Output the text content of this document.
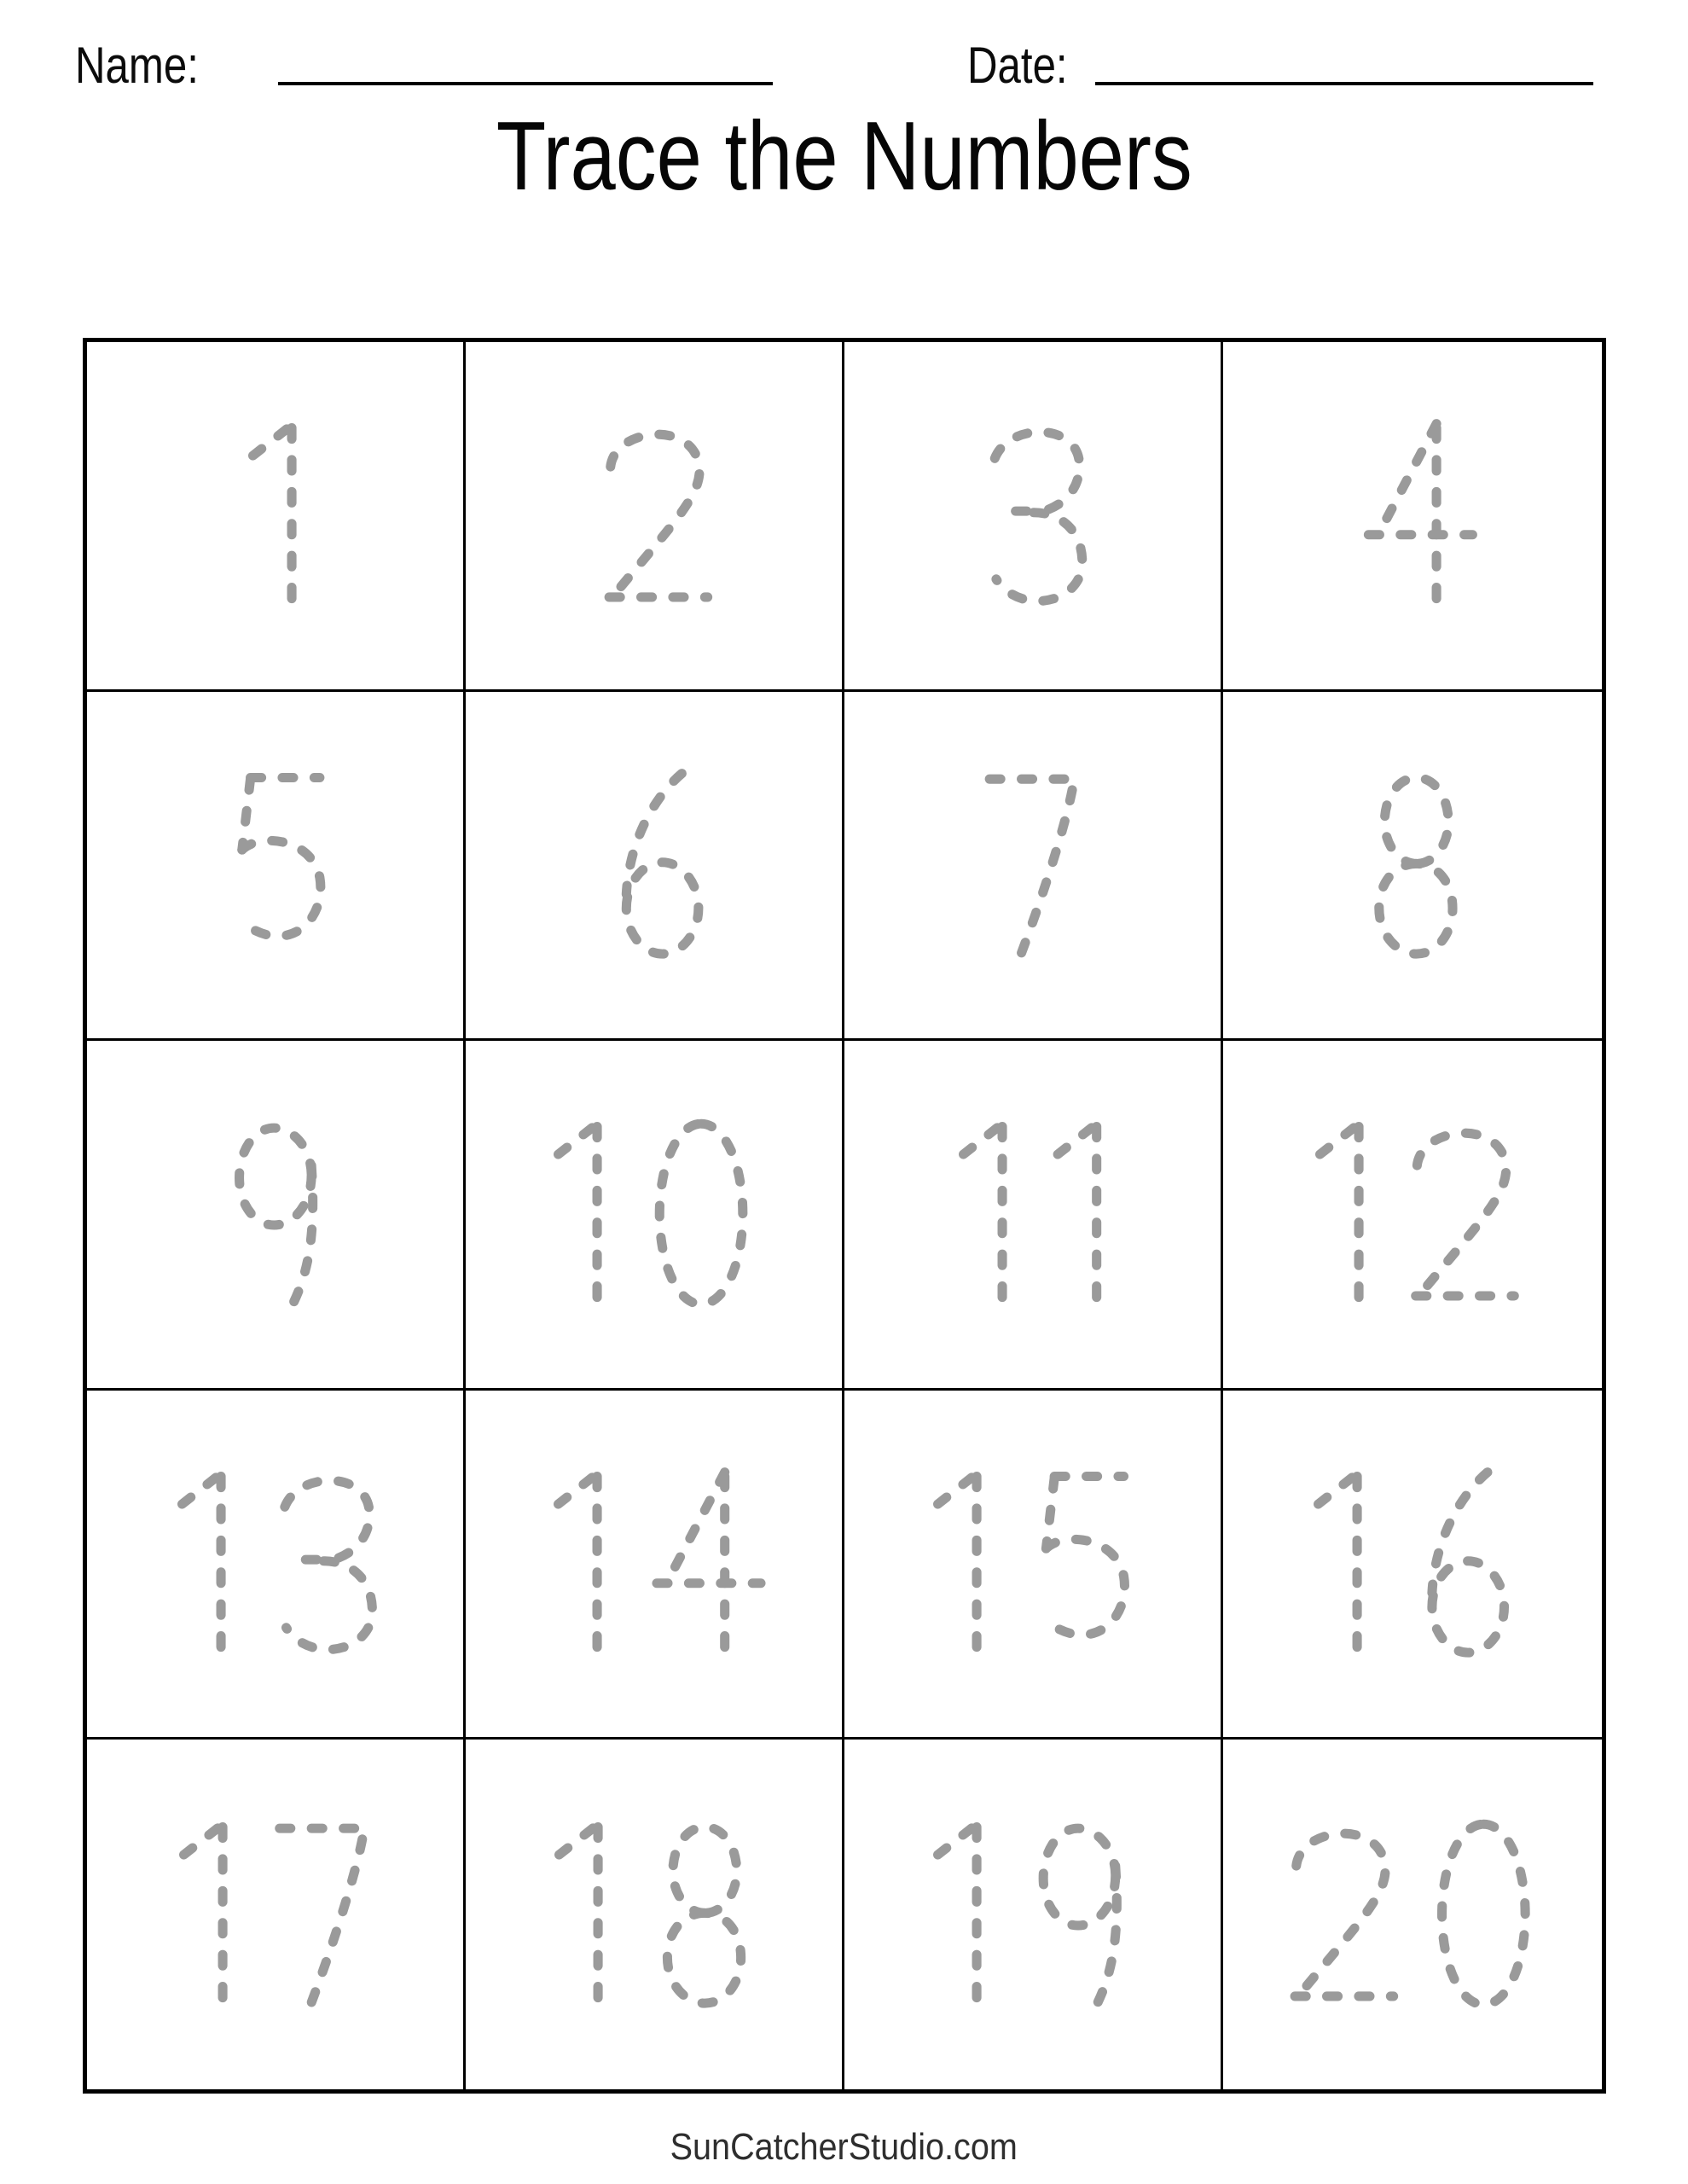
Name:	Date:
Trace the Numbers
SunCatcherStudio.com
